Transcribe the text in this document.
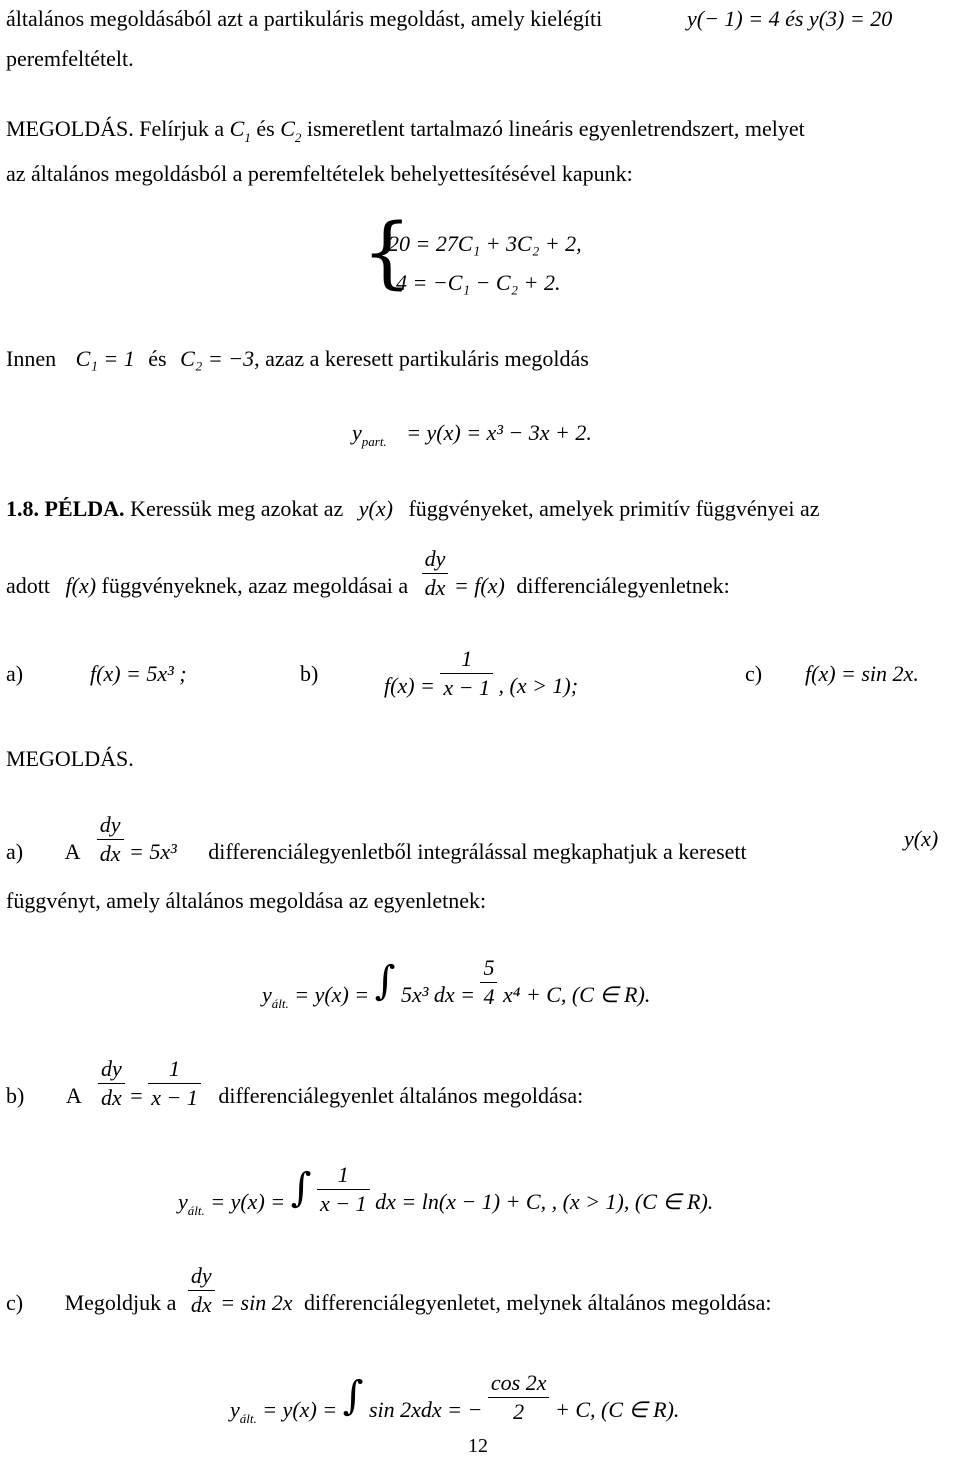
általános megoldásából azt a partikuláris megoldást, amely kielégíti	y(− 1) = 4 és y(3) = 20
peremfeltételt.
MEGOLDÁS. Felírjuk a $C_1$ és $C_2$ ismeretlent tartalmazó lineáris egyenletrendszert, melyet
az általános megoldásból a peremfeltételek behelyettesítésével kapunk:
{
20 = 27C₁ + 3C₂ + 2,
4 = −C₁ − C₂ + 2.
Innen C₁ = 1 és C₂ = −3, azaz a keresett partikuláris megoldás
$y_{part.} = y(x) = x^3 - 3x + 2$.
1.8. PÉLDA. Keressük meg azokat az y(x) függvényeket, amelyek primitív függvényei az
adott f(x) függvényeknek, azaz megoldásai a $\frac{dy}{dx} = f(x)$ differenciálegyenletnek:
a)	f(x) = 5x³ ;	b)	$f(x) = \frac{1}{x - 1}$ , (x > 1);	c) f(x) = sin 2x.
MEGOLDÁS.
a) A $\frac{dy}{dx} = 5x^3$ differenciálegyenletből integrálással megkaphatjuk a keresett
y(x)
függvényt, amely általános megoldása az egyenletnek:
$y_{ált.} = y(x)$ = ∫ 5x³ dx = $\frac{5}{4} x^4 + C$, (C ∈ R).
b) A $\frac{dy}{dx} = \frac{1}{x - 1}$ differenciálegyenlet általános megoldása:
$y_{ált.} = y(x)$ = ∫ $\frac{1}{x - 1}$ dx = ln(x − 1) + C, , (x > 1), (C ∈ R).
c) Megoldjuk a $\frac{dy}{dx} = \sin 2x$ differenciálegyenletet, melynek általános megoldása:
$y_{ált.} = y(x)$ = ∫ sin 2xdx = − $\frac{\cos 2x}{2} + C$, (C ∈ R).
12
